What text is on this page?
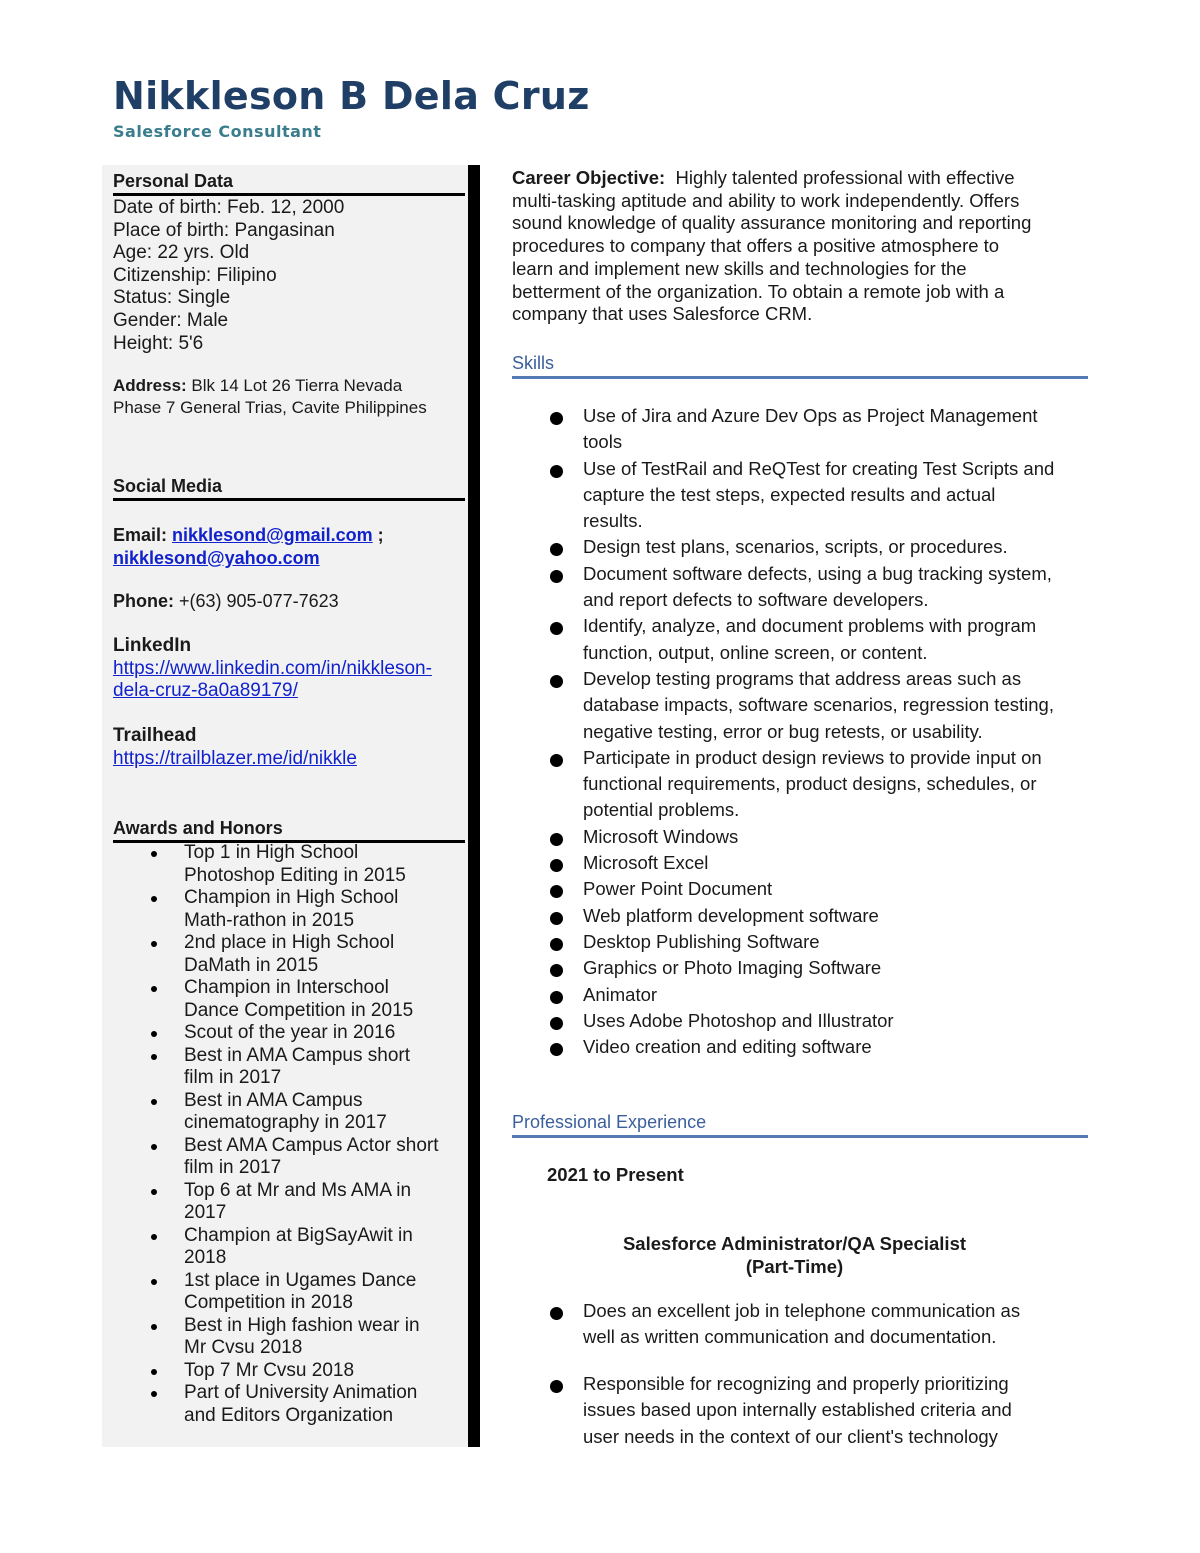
Nikkleson B Dela Cruz
Salesforce Consultant
Personal Data
Date of birth: Feb. 12, 2000
Place of birth: Pangasinan
Age: 22 yrs. Old
Citizenship: Filipino
Status: Single
Gender: Male
Height: 5'6
Address: Blk 14 Lot 26 Tierra Nevada
Phase 7 General Trias, Cavite Philippines
Social Media
Email: nikklesond@gmail.com ;
nikklesond@yahoo.com
Phone: +(63) 905-077-7623
LinkedIn
https://www.linkedin.com/in/nikkleson-
dela-cruz-8a0a89179/
Trailhead
https://trailblazer.me/id/nikkle
Awards and Honors
Top 1 in High School
Photoshop Editing in 2015
Champion in High School
Math-rathon in 2015
2nd place in High School
DaMath in 2015
Champion in Interschool
Dance Competition in 2015
Scout of the year in 2016
Best in AMA Campus short
film in 2017
Best in AMA Campus
cinematography in 2017
Best AMA Campus Actor short
film in 2017
Top 6 at Mr and Ms AMA in
2017
Champion at BigSayAwit in
2018
1st place in Ugames Dance
Competition in 2018
Best in High fashion wear in
Mr Cvsu 2018
Top 7 Mr Cvsu 2018
Part of University Animation
and Editors Organization

Career Objective: Highly talented professional with effective
multi-tasking aptitude and ability to work independently. Offers
sound knowledge of quality assurance monitoring and reporting
procedures to company that offers a positive atmosphere to
learn and implement new skills and technologies for the
betterment of the organization. To obtain a remote job with a
company that uses Salesforce CRM.

Skills
Use of Jira and Azure Dev Ops as Project Management
tools
Use of TestRail and ReQTest for creating Test Scripts and
capture the test steps, expected results and actual
results.
Design test plans, scenarios, scripts, or procedures.
Document software defects, using a bug tracking system,
and report defects to software developers.
Identify, analyze, and document problems with program
function, output, online screen, or content.
Develop testing programs that address areas such as
database impacts, software scenarios, regression testing,
negative testing, error or bug retests, or usability.
Participate in product design reviews to provide input on
functional requirements, product designs, schedules, or
potential problems.
Microsoft Windows
Microsoft Excel
Power Point Document
Web platform development software
Desktop Publishing Software
Graphics or Photo Imaging Software
Animator
Uses Adobe Photoshop and Illustrator
Video creation and editing software
Professional Experience
2021 to Present
Salesforce Administrator/QA Specialist
(Part-Time)
Does an excellent job in telephone communication as
well as written communication and documentation.
Responsible for recognizing and properly prioritizing
issues based upon internally established criteria and
user needs in the context of our client's technology
